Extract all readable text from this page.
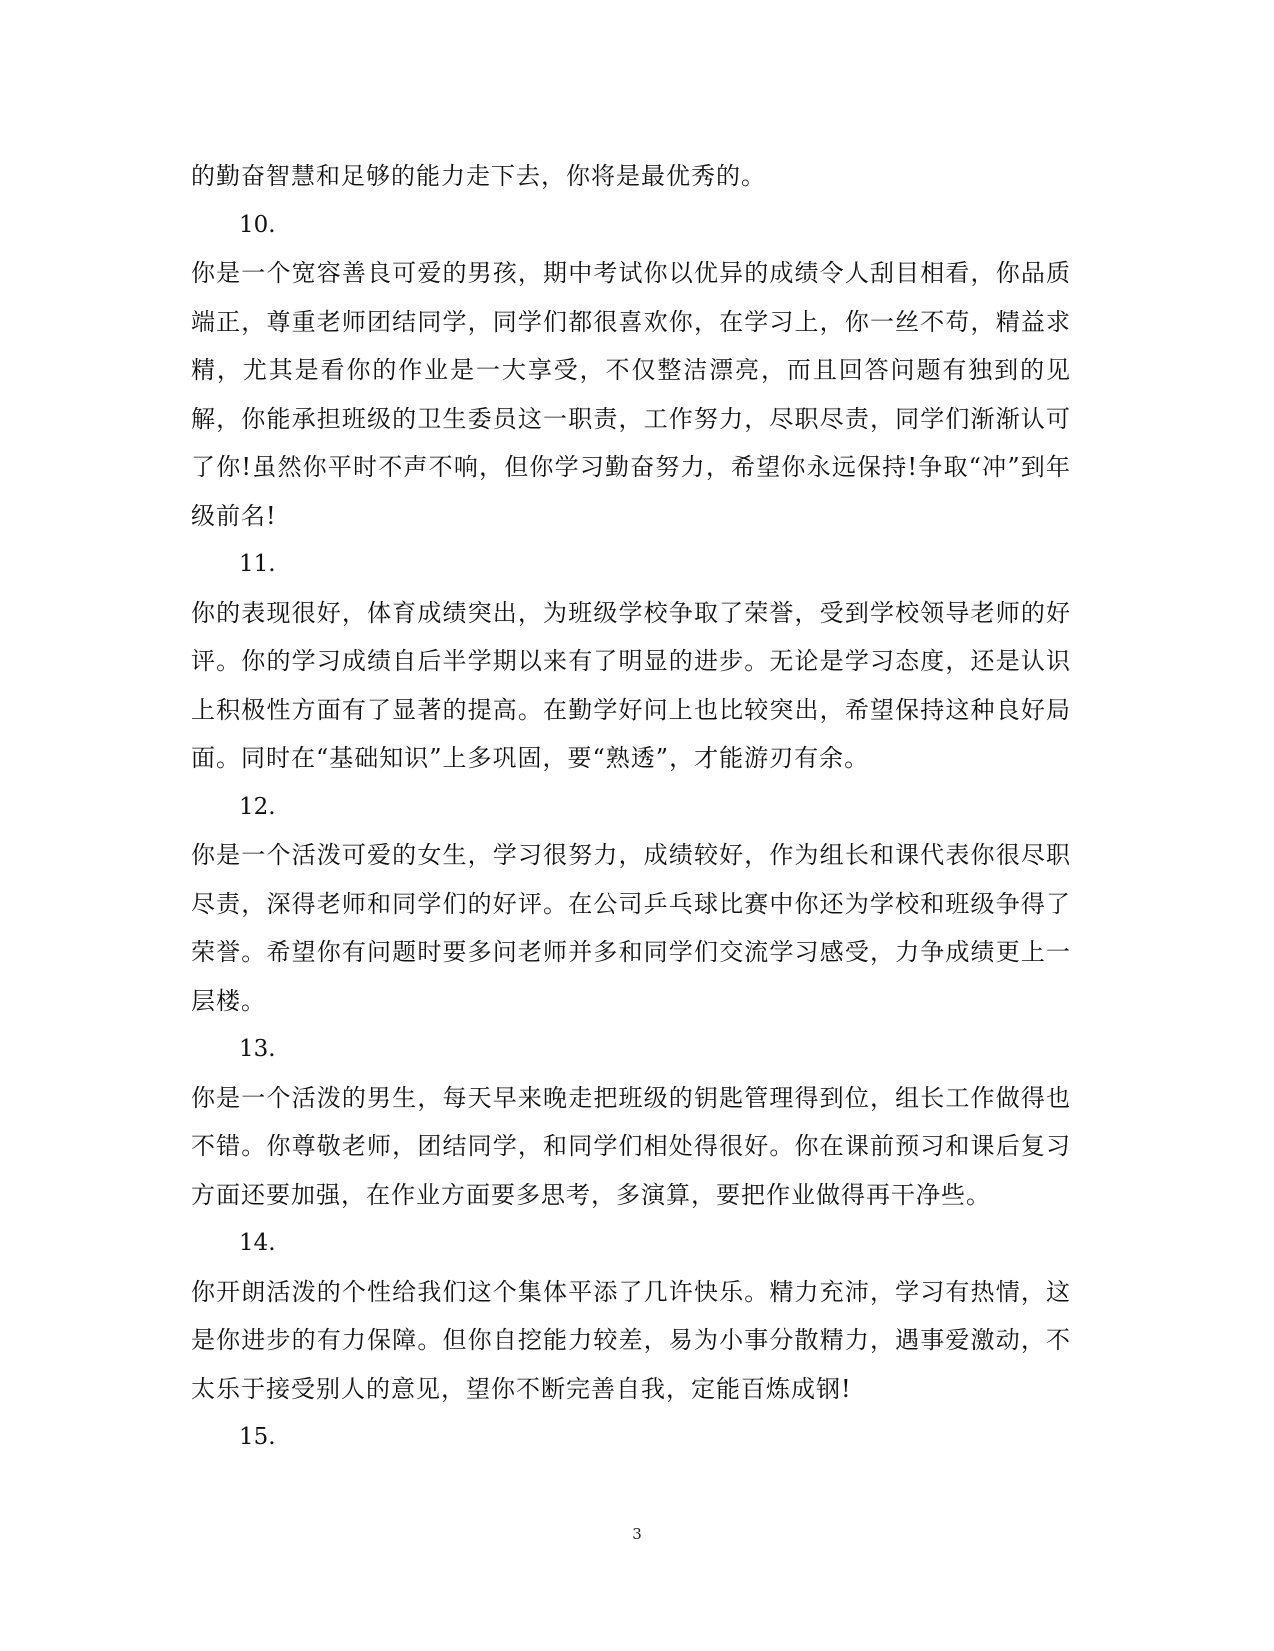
的勤奋智慧和足够的能力走下去，你将是最优秀的。

10.

你是一个宽容善良可爱的男孩，期中考试你以优异的成绩令人刮目相看，你品质端正，尊重老师团结同学，同学们都很喜欢你，在学习上，你一丝不苟，精益求精，尤其是看你的作业是一大享受，不仅整洁漂亮，而且回答问题有独到的见解，你能承担班级的卫生委员这一职责，工作努力，尽职尽责，同学们渐渐认可了你!虽然你平时不声不响，但你学习勤奋努力，希望你永远保持!争取“冲”到年级前名!

11.

你的表现很好，体育成绩突出，为班级学校争取了荣誉，受到学校领导老师的好评。你的学习成绩自后半学期以来有了明显的进步。无论是学习态度，还是认识上积极性方面有了显著的提高。在勤学好问上也比较突出，希望保持这种良好局面。同时在“基础知识”上多巩固，要“熟透”，才能游刃有余。

12.

你是一个活泼可爱的女生，学习很努力，成绩较好，作为组长和课代表你很尽职尽责，深得老师和同学们的好评。在公司乒乓球比赛中你还为学校和班级争得了荣誉。希望你有问题时要多问老师并多和同学们交流学习感受，力争成绩更上一层楼。

13.

你是一个活泼的男生，每天早来晚走把班级的钥匙管理得到位，组长工作做得也不错。你尊敬老师，团结同学，和同学们相处得很好。你在课前预习和课后复习方面还要加强，在作业方面要多思考，多演算，要把作业做得再干净些。

14.

你开朗活泼的个性给我们这个集体平添了几许快乐。精力充沛，学习有热情，这是你进步的有力保障。但你自挖能力较差，易为小事分散精力，遇事爱激动，不太乐于接受别人的意见，望你不断完善自我，定能百炼成钢!

15.

3
